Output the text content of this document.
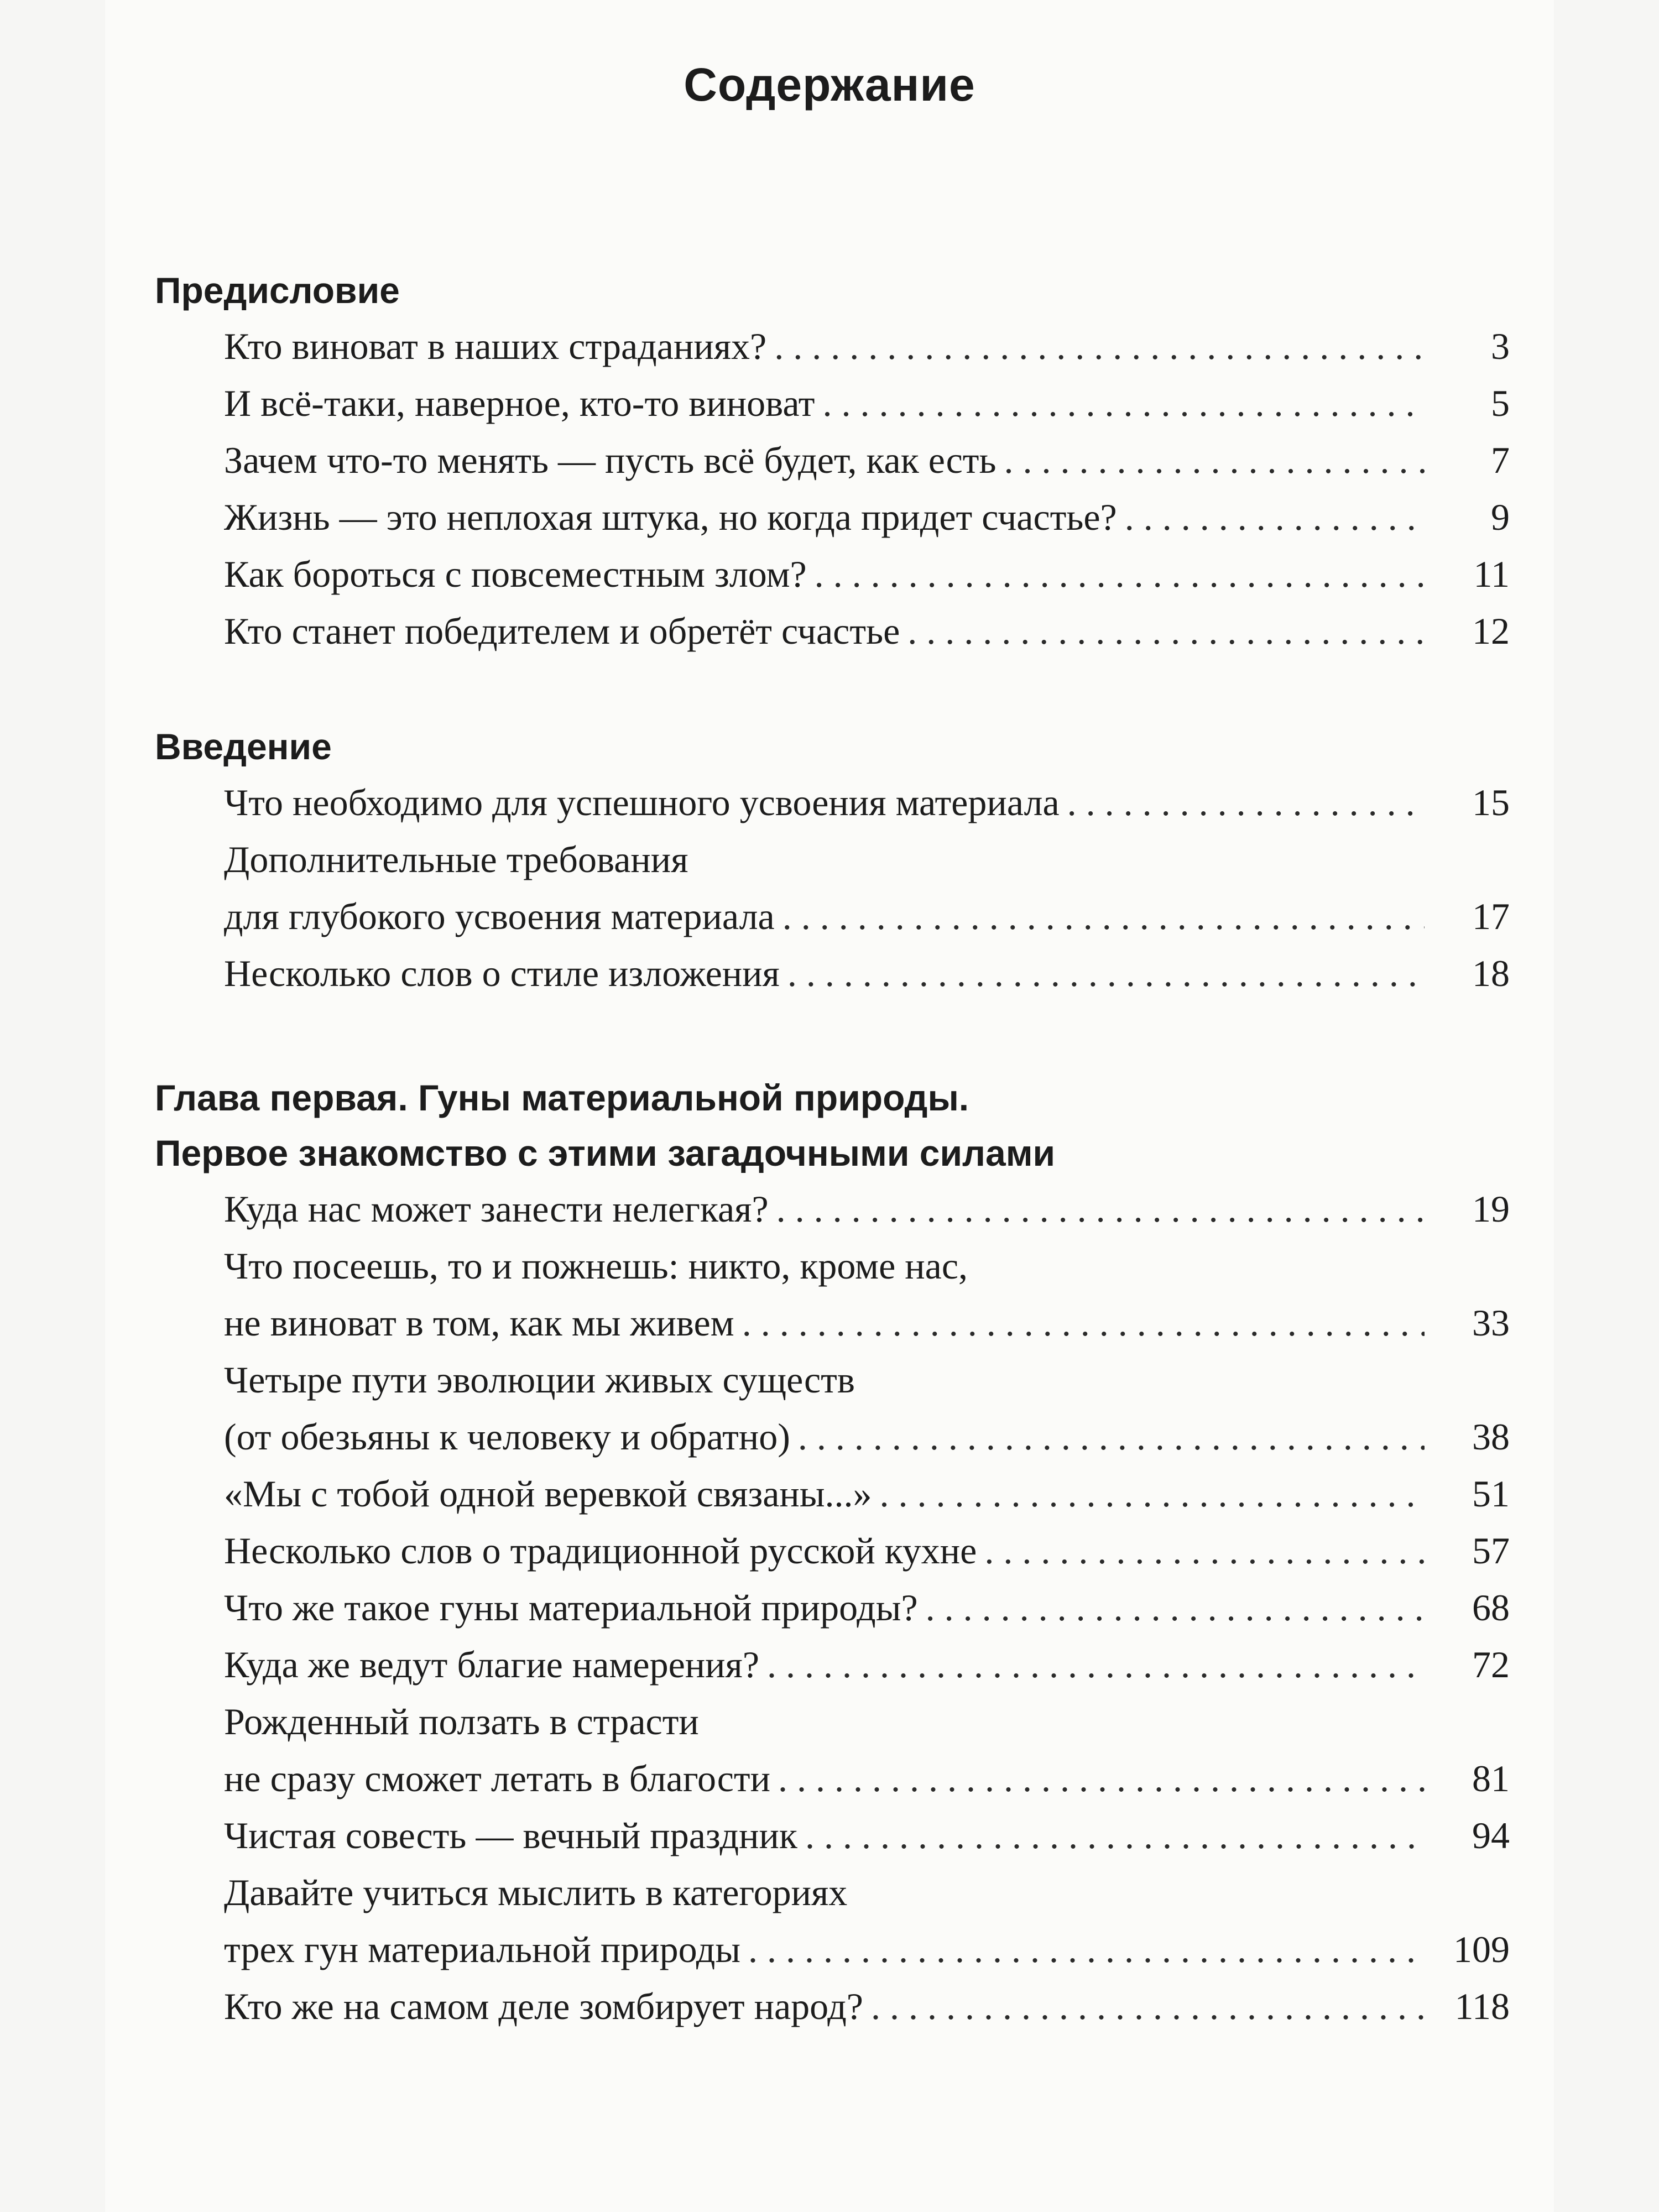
Содержание
Предисловие
Кто виноват в наших страданиях? . . .	3
И всё-таки, наверное, кто-то виноват . . .	5
Зачем что-то менять — пусть всё будет, как есть . . .	7
Жизнь — это неплохая штука, но когда придет счастье? . . .	9
Как бороться с повсеместным злом? . . .	11
Кто станет победителем и обретёт счастье . . .	12
Введение
Что необходимо для успешного усвоения материала . . .	15
Дополнительные требования
для глубокого усвоения материала . . .	17
Несколько слов о стиле изложения . . .	18
Глава первая. Гуны материальной природы.
Первое знакомство с этими загадочными силами
Куда нас может занести нелегкая? . . .	19
Что посеешь, то и пожнешь: никто, кроме нас,
не виноват в том, как мы живем . . .	33
Четыре пути эволюции живых существ
(от обезьяны к человеку и обратно) . . .	38
«Мы с тобой одной веревкой связаны...» . . .	51
Несколько слов о традиционной русской кухне . . .	57
Что же такое гуны материальной природы? . . .	68
Куда же ведут благие намерения? . . .	72
Рожденный ползать в страсти
не сразу сможет летать в благости . . .	81
Чистая совесть — вечный праздник . . .	94
Давайте учиться мыслить в категориях
трех гун материальной природы . . .	109
Кто же на самом деле зомбирует народ? . . .	118
